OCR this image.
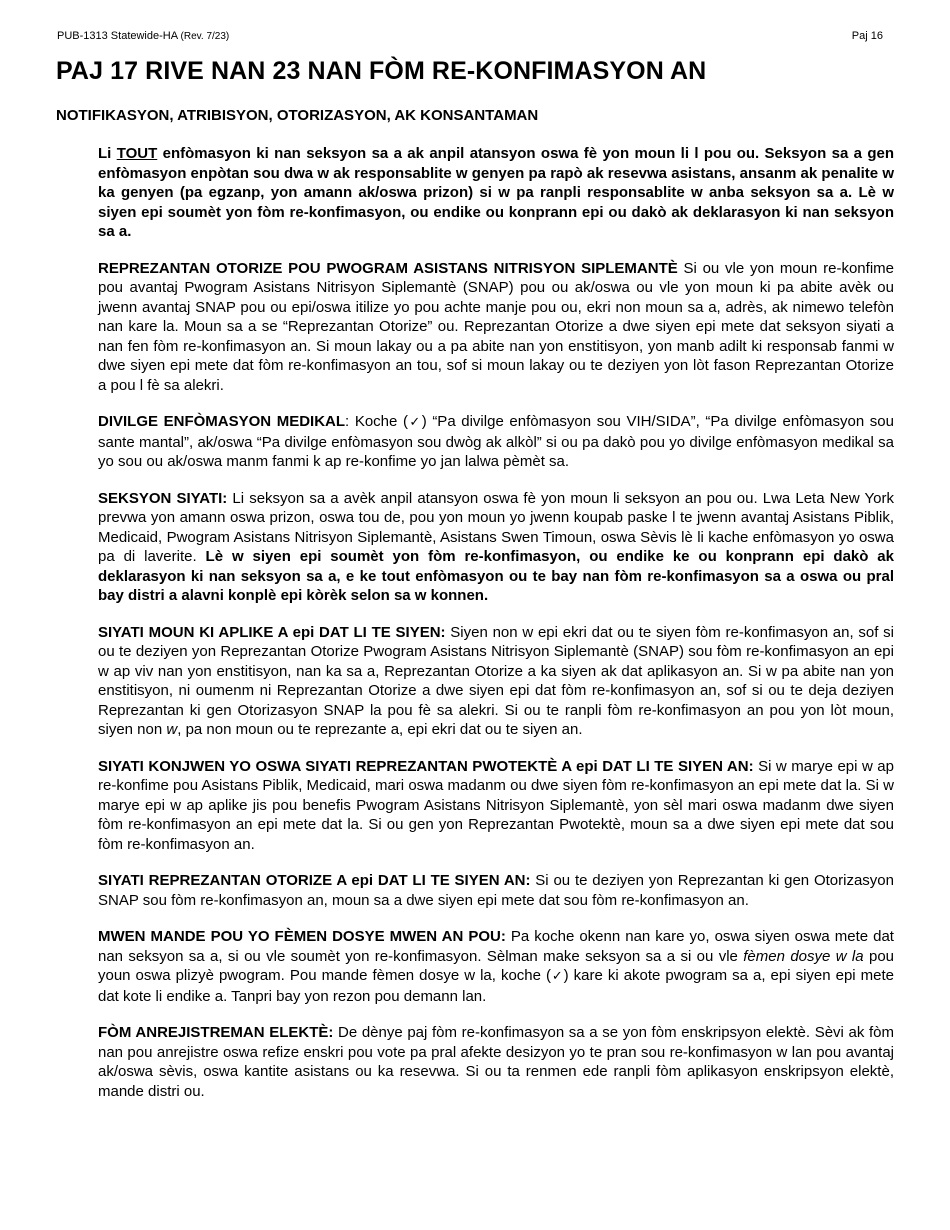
PUB-1313 Statewide-HA (Rev. 7/23)	Paj 16
PAJ 17 RIVE NAN 23 NAN FÒM RE-KONFIMASYON AN
NOTIFIKASYON, ATRIBISYON, OTORIZASYON, AK KONSANTAMAN

Li TOUT enfòmasyon ki nan seksyon sa a ak anpil atansyon oswa fè yon moun li l pou ou. Seksyon sa a gen enfòmasyon enpòtan sou dwa w ak responsablite w genyen pa rapò ak resevwa asistans, ansanm ak penalite w ka genyen (pa egzanp, yon amann ak/oswa prizon) si w pa ranpli responsablite w anba seksyon sa a. Lè w siyen epi soumèt yon fòm re-konfimasyon, ou endike ou konprann epi ou dakò ak deklarasyon ki nan seksyon sa a.

REPREZANTAN OTORIZE POU PWOGRAM ASISTANS NITRISYON SIPLEMANTÈ Si ou vle yon moun re-konfime pou avantaj Pwogram Asistans Nitrisyon Siplemantè (SNAP) pou ou ak/oswa ou vle yon moun ki pa abite avèk ou jwenn avantaj SNAP pou ou epi/oswa itilize yo pou achte manje pou ou, ekri non moun sa a, adrès, ak nimewo telefòn nan kare la. Moun sa a se “Reprezantan Otorize” ou. Reprezantan Otorize a dwe siyen epi mete dat seksyon siyati a nan fen fòm re-konfimasyon an. Si moun lakay ou a pa abite nan yon enstitisyon, yon manb adilt ki responsab fanmi w dwe siyen epi mete dat fòm re-konfimasyon an tou, sof si moun lakay ou te deziyen yon lòt fason Reprezantan Otorize a pou l fè sa alekri.

DIVILGE ENFÒMASYON MEDIKAL: Koche (✓) “Pa divilge enfòmasyon sou VIH/SIDA”, “Pa divilge enfòmasyon sou sante mantal”, ak/oswa “Pa divilge enfòmasyon sou dwòg ak alkòl” si ou pa dakò pou yo divilge enfòmasyon medikal sa yo sou ou ak/oswa manm fanmi k ap re-konfime yo jan lalwa pèmèt sa.

SEKSYON SIYATI: Li seksyon sa a avèk anpil atansyon oswa fè yon moun li seksyon an pou ou. Lwa Leta New York prevwa yon amann oswa prizon, oswa tou de, pou yon moun yo jwenn koupab paske l te jwenn avantaj Asistans Piblik, Medicaid, Pwogram Asistans Nitrisyon Siplemantè, Asistans Swen Timoun, oswa Sèvis lè li kache enfòmasyon yo oswa pa di laverite. Lè w siyen epi soumèt yon fòm re-konfimasyon, ou endike ke ou konprann epi dakò ak deklarasyon ki nan seksyon sa a, e ke tout enfòmasyon ou te bay nan fòm re-konfimasyon sa a oswa ou pral bay distri a alavni konplè epi kòrèk selon sa w konnen.

SIYATI MOUN KI APLIKE A epi DAT LI TE SIYEN: Siyen non w epi ekri dat ou te siyen fòm re-konfimasyon an, sof si ou te deziyen yon Reprezantan Otorize Pwogram Asistans Nitrisyon Siplemantè (SNAP) sou fòm re-konfimasyon an epi w ap viv nan yon enstitisyon, nan ka sa a, Reprezantan Otorize a ka siyen ak dat aplikasyon an. Si w pa abite nan yon enstitisyon, ni oumenm ni Reprezantan Otorize a dwe siyen epi dat fòm re-konfimasyon an, sof si ou te deja deziyen Reprezantan ki gen Otorizasyon SNAP la pou fè sa alekri. Si ou te ranpli fòm re-konfimasyon an pou yon lòt moun, siyen non w, pa non moun ou te reprezante a, epi ekri dat ou te siyen an.

SIYATI KONJWEN YO OSWA SIYATI REPREZANTAN PWOTEKTÈ A epi DAT LI TE SIYEN AN: Si w marye epi w ap re-konfime pou Asistans Piblik, Medicaid, mari oswa madanm ou dwe siyen fòm re-konfimasyon an epi mete dat la. Si w marye epi w ap aplike jis pou benefis Pwogram Asistans Nitrisyon Siplemantè, yon sèl mari oswa madanm dwe siyen fòm re-konfimasyon an epi mete dat la. Si ou gen yon Reprezantan Pwotektè, moun sa a dwe siyen epi mete dat sou fòm re-konfimasyon an.

SIYATI REPREZANTAN OTORIZE A epi DAT LI TE SIYEN AN: Si ou te deziyen yon Reprezantan ki gen Otorizasyon SNAP sou fòm re-konfimasyon an, moun sa a dwe siyen epi mete dat sou fòm re-konfimasyon an.

MWEN MANDE POU YO FÈMEN DOSYE MWEN AN POU: Pa koche okenn nan kare yo, oswa siyen oswa mete dat nan seksyon sa a, si ou vle soumèt yon re-konfimasyon. Sèlman make seksyon sa a si ou vle fèmen dosye w la pou youn oswa plizyè pwogram. Pou mande fèmen dosye w la, koche (✓) kare ki akote pwogram sa a, epi siyen epi mete dat kote li endike a. Tanpri bay yon rezon pou demann lan.

FÒM ANREJISTREMAN ELEKTÈ: De dènye paj fòm re-konfimasyon sa a se yon fòm enskripsyon elektè. Sèvi ak fòm nan pou anrejistre oswa refize enskri pou vote pa pral afekte desizyon yo te pran sou re-konfimasyon w lan pou avantaj ak/oswa sèvis, oswa kantite asistans ou ka resevwa. Si ou ta renmen ede ranpli fòm aplikasyon enskripsyon elektè, mande distri ou.
